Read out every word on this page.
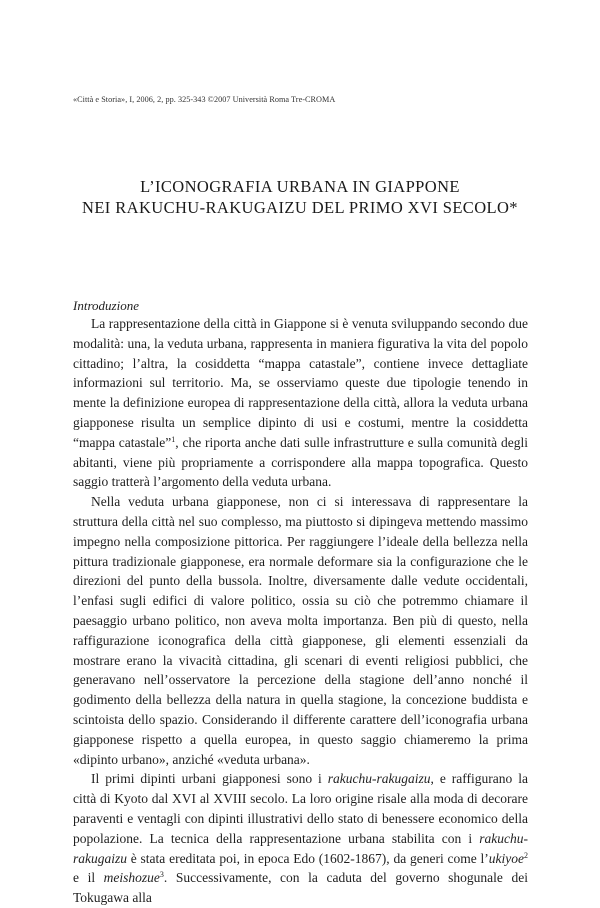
«Città e Storia», I, 2006, 2, pp. 325-343 ©2007 Università Roma Tre-CROMA
L’ICONOGRAFIA URBANA IN GIAPPONE
NEI RAKUCHU-RAKUGAIZU DEL PRIMO XVI SECOLO*
Introduzione

La rappresentazione della città in Giappone si è venuta sviluppando secondo due modalità: una, la veduta urbana, rappresenta in maniera figurativa la vita del popolo cittadino; l’altra, la cosiddetta “mappa catastale”, contiene invece dettagliate informazioni sul territorio. Ma, se osserviamo queste due tipologie tenendo in mente la definizione europea di rappresentazione della città, allora la veduta urbana giapponese risulta un semplice dipinto di usi e costumi, mentre la cosiddetta “mappa catastale”$^1$, che riporta anche dati sulle infrastrutture e sulla comunità degli abitanti, viene più propriamente a corrispondere alla mappa topografica. Questo saggio tratterà l’argomento della veduta urbana.

Nella veduta urbana giapponese, non ci si interessava di rappresentare la struttura della città nel suo complesso, ma piuttosto si dipingeva mettendo massimo impegno nella composizione pittorica. Per raggiungere l’ideale della bellezza nella pittura tradizionale giapponese, era normale deformare sia la configurazione che le direzioni del punto della bussola. Inoltre, diversamente dalle vedute occidentali, l’enfasi sugli edifici di valore politico, ossia su ciò che potremmo chiamare il paesaggio urbano politico, non aveva molta importanza. Ben più di questo, nella raffigurazione iconografica della città giapponese, gli elementi essenziali da mostrare erano la vivacità cittadina, gli scenari di eventi religiosi pubblici, che generavano nell’osservatore la percezione della stagione dell’anno nonché il godimento della bellezza della natura in quella stagione, la concezione buddista e scintoista dello spazio. Considerando il differente carattere dell’iconografia urbana giapponese rispetto a quella europea, in questo saggio chiameremo la prima «dipinto urbano», anziché «veduta urbana».

Il primi dipinti urbani giapponesi sono i rakuchu-rakugaizu, e raffigurano la città di Kyoto dal XVI al XVIII secolo. La loro origine risale alla moda di decorare paraventi e ventagli con dipinti illustrativi dello stato di benessere economico della popolazione. La tecnica della rappresentazione urbana stabilita con i rakuchu-rakugaizu è stata ereditata poi, in epoca Edo (1602-1867), da generi come l’ukiyoe$^2$ e il meishozue$^3$. Successivamente, con la caduta del governo shogunale dei Tokugawa alla
